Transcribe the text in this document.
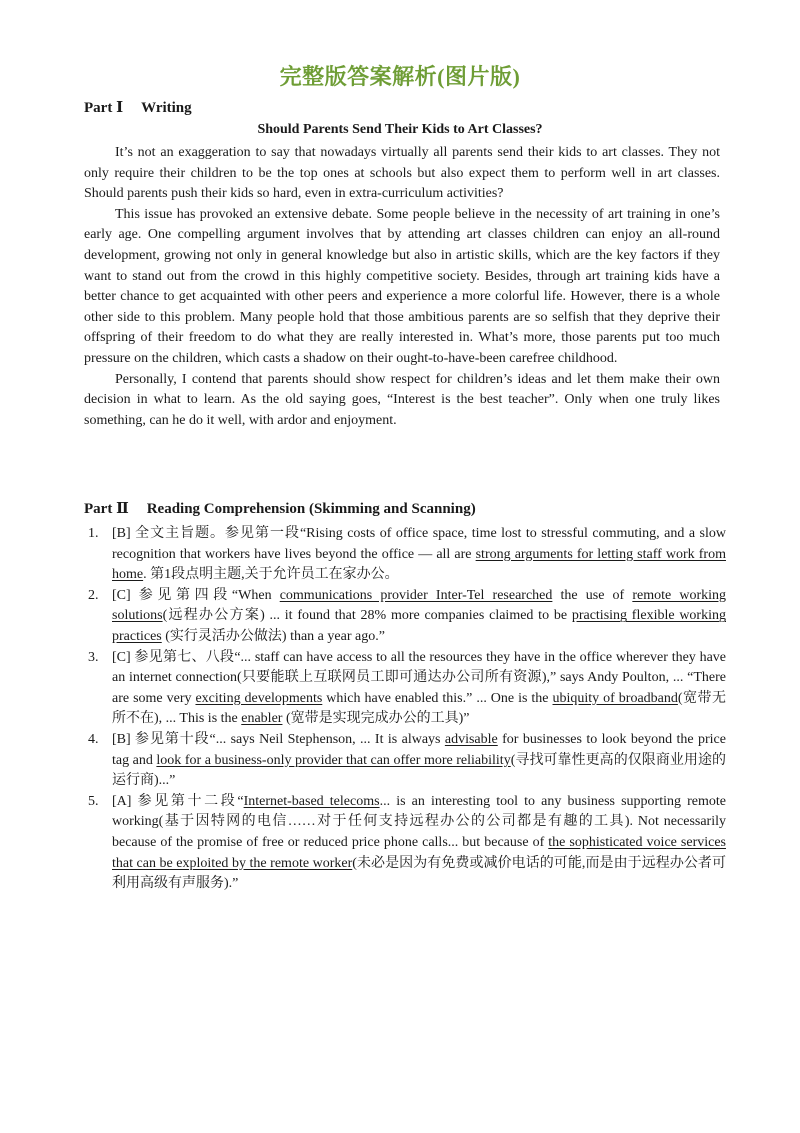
完整版答案解析(图片版)
Part Ⅰ Writing
Should Parents Send Their Kids to Art Classes?

It’s not an exaggeration to say that nowadays virtually all parents send their kids to art classes. They not only require their children to be the top ones at schools but also expect them to perform well in art classes. Should parents push their kids so hard, even in extra-curriculum activities?

This issue has provoked an extensive debate. Some people believe in the necessity of art training in one’s early age. One compelling argument involves that by attending art classes children can enjoy an all-round development, growing not only in general knowledge but also in artistic skills, which are the key factors if they want to stand out from the crowd in this highly competitive society. Besides, through art training kids have a better chance to get acquainted with other peers and experience a more colorful life. However, there is a whole other side to this problem. Many people hold that those ambitious parents are so selfish that they deprive their offspring of their freedom to do what they are really interested in. What’s more, those parents put too much pressure on the children, which casts a shadow on their ought-to-have-been carefree childhood.

Personally, I contend that parents should show respect for children’s ideas and let them make their own decision in what to learn. As the old saying goes, “Interest is the best teacher”. Only when one truly likes something, can he do it well, with ardor and enjoyment.

Part Ⅱ Reading Comprehension (Skimming and Scanning)
1. [B] 全文主旨题。参见第一段“Rising costs of office space, time lost to stressful commuting, and a slow recognition that workers have lives beyond the office — all are strong arguments for letting staff work from home. 第1段点明主题,关于允许员工在家办公。
2. [C] 参见第四段“When communications provider Inter-Tel researched the use of remote working solutions(远程办公方案) ... it found that 28% more companies claimed to be practising flexible working practices (实行灵活办公做法) than a year ago.”
3. [C] 参见第七、八段“... staff can have access to all the resources they have in the office wherever they have an internet connection(只要能联上互联网员工即可通达办公司所有资源),” says Andy Poulton, ... “There are some very exciting developments which have enabled this.” ... One is the ubiquity of broadband(宽带无所不在), ... This is the enabler (宽带是实现完成办公的工具)”
4. [B] 参见第十段“... says Neil Stephenson, ... It is always advisable for businesses to look beyond the price tag and look for a business-only provider that can offer more reliability(寻找可靠性更高的仅限商业用途的运行商)...”
5. [A] 参见第十二段“Internet-based telecoms... is an interesting tool to any business supporting remote working(基于因特网的电信……对于任何支持远程办公的公司都是有趣的工具). Not necessarily because of the promise of free or reduced price phone calls... but because of the sophisticated voice services that can be exploited by the remote worker(未必是因为有免费或减价电话的可能,而是由于远程办公者可利用高级有声服务).”
